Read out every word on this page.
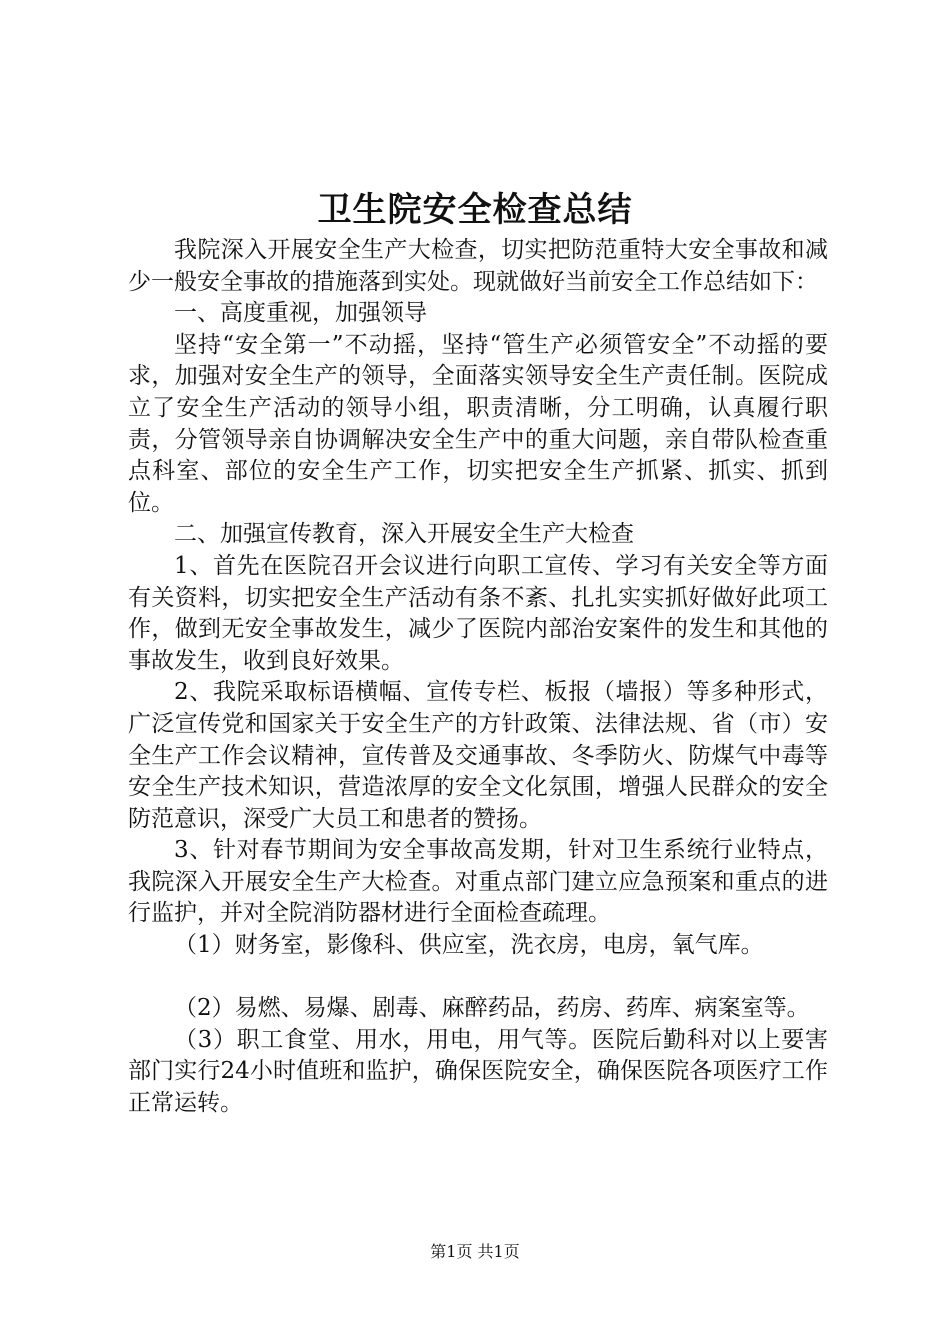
卫生院安全检查总结

我院深入开展安全生产大检查，切实把防范重特大安全事故和减少一般安全事故的措施落到实处。现就做好当前安全工作总结如下：

一、高度重视，加强领导

坚持“安全第一”不动摇，坚持“管生产必须管安全”不动摇的要求，加强对安全生产的领导，全面落实领导安全生产责任制。医院成立了安全生产活动的领导小组，职责清晰，分工明确，认真履行职责，分管领导亲自协调解决安全生产中的重大问题，亲自带队检查重点科室、部位的安全生产工作，切实把安全生产抓紧、抓实、抓到位。

二、加强宣传教育，深入开展安全生产大检查

1、首先在医院召开会议进行向职工宣传、学习有关安全等方面有关资料，切实把安全生产活动有条不紊、扎扎实实抓好做好此项工作，做到无安全事故发生，减少了医院内部治安案件的发生和其他的事故发生，收到良好效果。

2、我院采取标语横幅、宣传专栏、板报（墙报）等多种形式，广泛宣传党和国家关于安全生产的方针政策、法律法规、省（市）安全生产工作会议精神，宣传普及交通事故、冬季防火、防煤气中毒等安全生产技术知识，营造浓厚的安全文化氛围，增强人民群众的安全防范意识，深受广大员工和患者的赞扬。

3、针对春节期间为安全事故高发期，针对卫生系统行业特点，我院深入开展安全生产大检查。对重点部门建立应急预案和重点的进行监护，并对全院消防器材进行全面检查疏理。

（1）财务室，影像科、供应室，洗衣房，电房，氧气库。

（2）易燃、易爆、剧毒、麻醉药品，药房、药库、病案室等。

（3）职工食堂、用水，用电，用气等。医院后勤科对以上要害部门实行24小时值班和监护，确保医院安全，确保医院各项医疗工作正常运转。

第1页 共1页
